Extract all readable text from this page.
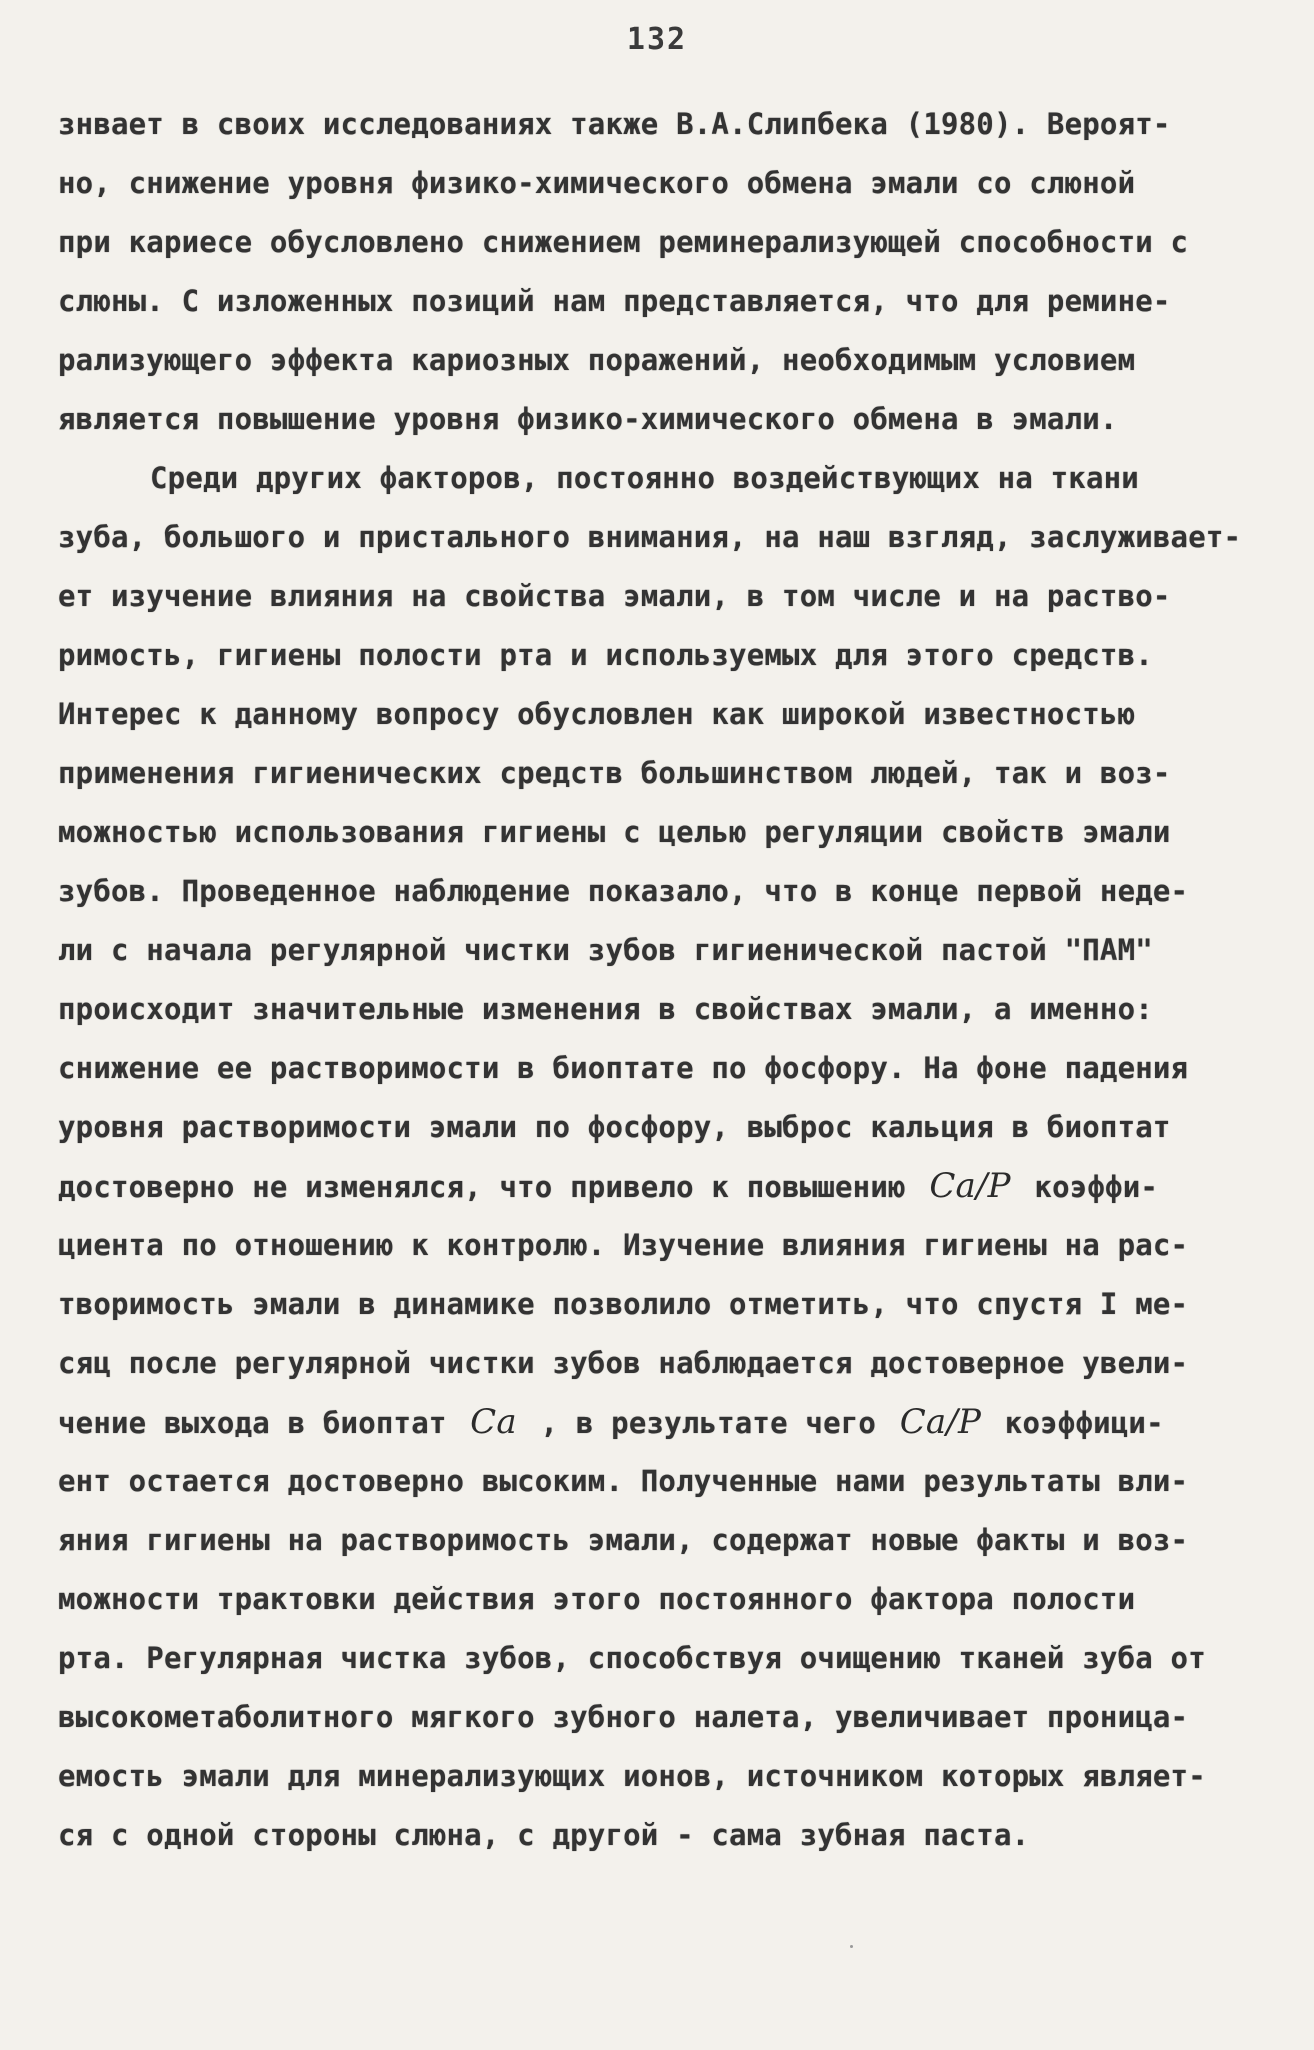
132
знвает в своих исследованиях также В.А.Слипбека (1980). Вероят-
но, снижение уровня физико-химического обмена эмали со слюной
при кариесе обусловлено снижением реминерализующей способности с
слюны. С изложенных позиций нам представляется, что для ремине-
рализующего эффекта кариозных поражений, необходимым условием
является повышение уровня физико-химического обмена в эмали.
Среди других факторов, постоянно воздействующих на ткани
зуба, большого и пристального внимания, на наш взгляд, заслуживает-
ет изучение влияния на свойства эмали, в том числе и на раство-
римость, гигиены полости рта и используемых для этого средств.
Интерес к данному вопросу обусловлен как широкой известностью
применения гигиенических средств большинством людей, так и воз-
можностью использования гигиены с целью регуляции свойств эмали
зубов. Проведенное наблюдение показало, что в конце первой неде-
ли с начала регулярной чистки зубов гигиенической пастой "ПАМ"
происходит значительные изменения в свойствах эмали, а именно:
снижение ее растворимости в биоптате по фосфору. На фоне падения
уровня растворимости эмали по фосфору, выброс кальция в биоптат
достоверно не изменялся, что привело к повышению Ca/P коэффи-
циента по отношению к контролю. Изучение влияния гигиены на рас-
творимость эмали в динамике позволило отметить, что спустя I ме-
сяц после регулярной чистки зубов наблюдается достоверное увели-
чение выхода в биоптат Ca , в результате чего Ca/P коэффици-
ент остается достоверно высоким. Полученные нами результаты вли-
яния гигиены на растворимость эмали, содержат новые факты и воз-
можности трактовки действия этого постоянного фактора полости
рта. Регулярная чистка зубов, способствуя очищению тканей зуба от
высокометаболитного мягкого зубного налета, увеличивает проница-
емость эмали для минерализующих ионов, источником которых являет-
ся с одной стороны слюна, с другой - сама зубная паста.
